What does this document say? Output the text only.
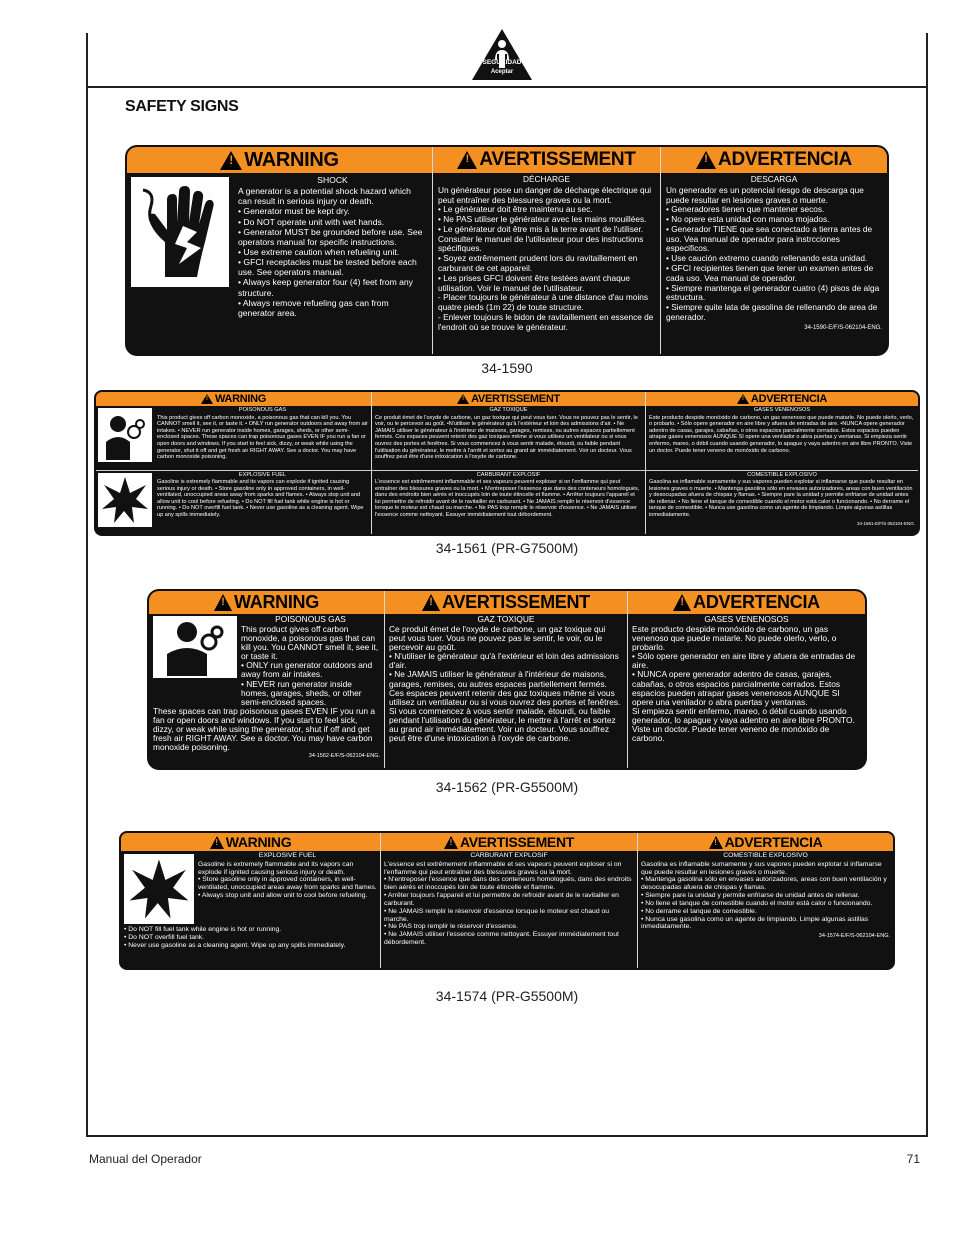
SEGURIDAD
Aceptar
SAFETY SIGNS
!
WARNING
SHOCK
A generator is a potential shock hazard which can result in serious injury or death.
• Generator must be kept dry.
• Do NOT operate unit with wet hands.
• Generator MUST be grounded before use. See operators manual for specific instructions.
• Use extreme caution when refueling unit.
• GFCI receptacles must be tested before each use. See operators manual.
• Always keep generator four (4) feet from any structure.
• Always remove refueling gas can from generator area.
!
AVERTISSEMENT
DÉCHARGE
Un générateur pose un danger de décharge électrique qui peut entraîner des blessures graves ou la mort.
• Le générateur doit être maintenu au sec.
• Ne PAS utiliser le générateur avec les mains mouillées.
• Le générateur doit être mis à la terre avant de l'utiliser. Consulter le manuel de l'utilisateur pour des instructions spécifiques.
• Soyez extrêmement prudent lors du ravitaillement en carburant de cet appareil.
• Les prises GFCI doivent être testées avant chaque utilisation. Voir le manuel de l'utilisateur.
- Placer toujours le générateur à une distance d'au moins quatre pieds (1m 22) de toute structure.
- Enlever toujours le bidon de ravitaillement en essence de l'endroit où se trouve le générateur.
!
ADVERTENCIA
DESCARGA
Un generador es un potencial riesgo de descarga que puede resultar en lesiones graves o muerte.
• Generadores tienen que mantener secos.
• No opere esta unidad con manos mojados.
• Generador TIENE que sea conectado a tierra antes de uso. Vea manual de operador para instrcciones especificos.
• Use caución extremo cuando rellenando esta unidad.
• GFCI recipientes tienen que tener un examen antes de cada uso. Vea manual de operador.
• Siempre mantenga el generador cuatro (4) pisos de alga estructura.
• Siempre quite lata de gasolina de rellenando de area de generador.
34-1590-E/F/S-062104-ENG.
34-1590
!
WARNING
POISONOUS GAS
This product gives off carbon monoxide, a poisonous gas that can kill you. You CANNOT smell it, see it, or taste it. • ONLY run generator outdoors and away from air intakes. • NEVER run generator inside homes, garages, sheds, or other semi-enclosed spaces. These spaces can trap poisonous gases EVEN IF you run a fan or open doors and windows. If you start to feel sick, dizzy, or weak while using the generator, shut it off and get fresh air RIGHT AWAY. See a doctor. You may have carbon monoxide poisoning.
EXPLOSIVE FUEL
Gasoline is extremely flammable and its vapors can explode if ignited causing serious injury or death. • Store gasoline only in approved containers, in well-ventilated, unoccupied areas away from sparks and flames. • Always stop unit and allow unit to cool before refueling. • Do NOT fill fuel tank while engine is hot or running. • Do NOT overfill fuel tank. • Never use gasoline as a cleaning agent. Wipe up any spills immediately.
!
AVERTISSEMENT
GAZ TOXIQUE
Ce produit émet de l'oxyde de carbone, un gaz toxique qui peut vous tuer. Vous ne pouvez pas le sentir, le voir, ou le percevoir au goût. •N'utiliser le générateur qu'à l'extérieur et loin des admissions d'air. • Ne JAMAIS utiliser le générateur à l'intérieur de maisons, garages, remises, ou autres espaces partiellement fermés. Ces espaces peuvent retenir des gaz toxiques même si vous utilisez un ventilateur ou si vous ouvrez des portes et fenêtres. Si vous commencez à vous sentir malade, étourdi, ou faible pendant l'utilisation du générateur, le mettre à l'arrêt et sortez au grand air immédiatement. Voir un docteur. Vous souffrez peut être d'une intoxication à l'oxyde de carbone.
CARBURANT EXPLOSIF
L'essence est extrêmement inflammable et ses vapeurs peuvent exploser si on l'enflamme qui peut entraîner des blessures graves ou la mort. • N'entreposer l'essence que dans des conteneurs homologués, dans des endroits bien aérés et inoccupés loin de toute étincelle et flamme. • Arrêter toujours l'appareil et lui permettre de refroidir avant de le ravitailler en carburant. • Ne JAMAIS remplir le réservoir d'essence lorsque le moteur est chaud ou marche. • Ne PAS trop remplir le réservoir d'essence. • Ne JAMAIS utiliser l'essence comme nettoyant. Essuyer immédiatement tout débordement.
!
ADVERTENCIA
GASES VENENOSOS
Este producto despide monóxido de carbono, un gas venenoso que puede matarle. No puede olerlo, verlo, o probarlo. • Sólo opere generador en aire libre y afuera de entradas de aire. •NUNCA opere generador adentro de casas, garajes, cabañas, o otros espacios parcialmente cerrados. Estos espacios pueden atrapar gases venenosos AUNQUE SI opere una venilador o abra puertas y ventanas. Si empieza sentir enfermo, mareo, o débil cuando usando generador, lo apague y vaya adentro en aire libre PRONTO. Viste un doctor. Puede tener veneno de monóxido de carbono.
COMESTIBLE EXPLOSIVO
Gasolina es inflamable sumamente y sus vapores pueden explotar si inflamarse que puede resultar en lesiones graves o muerte. • Mantenga gasolina sólo en envases autorizadores, areas con buen ventilación y desocupadas afuera de chispas y flamas. • Siempre pare la unidad y permite enfriarse de unidad antes de rellenar. • No llene el tanque de comestible cuando el motor está calor o funcionando. • No derrame el tanque de comestible. • Nunca use gasolina como un agente de limpiando. Limpie algunas astillas inmediatamente.
34-1561-E/F/S 062104-ENG.
34-1561 (PR-G7500M)
!
WARNING
POISONOUS GAS
This product gives off carbon monoxide, a poisonous gas that can kill you. You CANNOT smell it, see it, or taste it.
• ONLY run generator outdoors and away from air intakes.
• NEVER run generator inside homes, garages, sheds, or other semi-enclosed spaces.
These spaces can trap poisonous gases EVEN IF you run a fan or open doors and windows. If you start to feel sick, dizzy, or weak while using the generator, shut if off and get fresh air RIGHT AWAY. See a doctor. You may have carbon monoxide poisoning.
34-1562-E/F/S-062104-ENG.
!
AVERTISSEMENT
GAZ TOXIQUE
Ce produit émet de l'oxyde de carbone, un gaz toxique qui peut vous tuer. Vous ne pouvez pas le sentir, le voir, ou le percevoir au goût.
• N'utiliser le générateur qu'à l'extérieur et loin des admissions d'air.
• Ne JAMAIS utiliser le générateur à l'intérieur de maisons, garages, remises, ou autres espaces partiellement fermés. Ces espaces peuvent retenir des gaz toxiques même si vous utilisez un ventilateur ou si vous ouvrez des portes et fenêtres.
Si vous commencez à vous sentir malade, étourdi, ou faible pendant l'utilisation du générateur, le mettre à l'arrêt et sortez au grand air immédiatement. Voir un docteur. Vous souffrez peut être d'une intoxication à l'oxyde de carbone.
!
ADVERTENCIA
GASES VENENOSOS
Este producto despide monóxido de carbono, un gas venenoso que puede matarle. No puede olerlo, verlo, o probarlo.
• Sólo opere generador en aire libre y afuera de entradas de aire.
• NUNCA opere generador adentro de casas, garajes, cabañas, o otros espacios parcialmente cerrados. Estos espacios pueden atrapar gases venenosos AUNQUE SI opere una venilador o abra puertas y ventanas.
Si empieza sentir enfermo, mareo, o débil cuando usando generador, lo apague y vaya adentro en aire libre PRONTO. Viste un doctor. Puede tener veneno de monóxido de carbono.
34-1562 (PR-G5500M)
!
WARNING
EXPLOSIVE FUEL
Gasoline is extremely flammable and its vapors can explode if ignited causing serious injury or death.
• Store gasoline only in approved containers, in well-ventilated, unoccupied areas away from sparks and flames.
• Always stop unit and allow unit to cool before refueling.
• Do NOT fill fuel tank while engine is hot or running.
• Do NOT overfill fuel tank.
• Never use gasoline as a cleaning agent. Wipe up any spills immediately.
!
AVERTISSEMENT
CARBURANT EXPLOSIF
L'essence est extrêmement inflammable et ses vapeurs peuvent exploser si on l'enflamme qui peut entraîner des blessures graves ou la mort.
• N'entreposer l'essence que dans des conteneurs homologués, dans des endroits bien aérés et inoccupés loin de toute étincelle et flamme.
• Arrêter toujours l'appareil et lui permettre de refroidir avant de le ravitailler en carburant.
• Ne JAMAIS remplir le réservoir d'essence lorsque le moteur est chaud ou marche.
• Ne PAS trop remplir le réservoir d'essence.
• Ne JAMAIS utiliser l'essence comme nettoyant. Essuyer immédiatement tout débordement.
!
ADVERTENCIA
COMESTIBLE EXPLOSIVO
Gasolina es inflamable sumamente y sus vapores pueden explotar si inflamarse que puede resultar en lesiones graves o muerte.
• Mantenga gasolina sólo en envases autorizadores, areas con buen ventilación y desocupadas afuera de chispas y flamas.
• Siempre pare la unidad y permite enfriarse de unidad antes de rellenar.
• No llene el tanque de comestible cuando el motor está calor o funcionando.
• No derrame el tanque de comestible.
• Nunca use gasolina como un agente de limpiando. Limpie algunas astillas inmediatamente.
34-1574-E/F/S-062104-ENG.
34-1574 (PR-G5500M)
Manual del Operador	71
